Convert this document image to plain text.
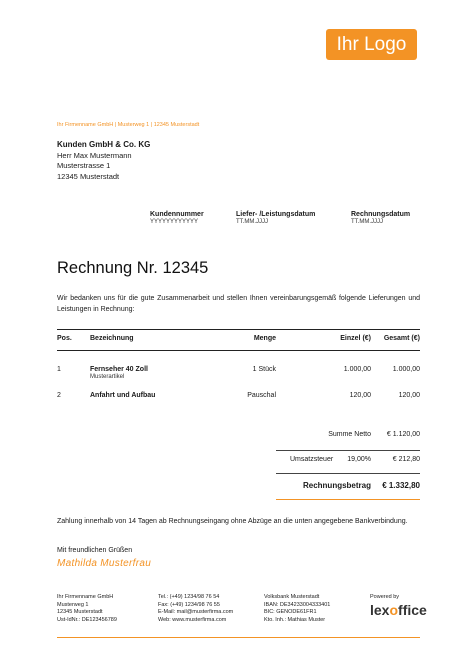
Ihr Logo
Ihr Firmenname GmbH | Musterweg 1 | 12345 Musterstadt
Kunden GmbH & Co. KG
Herr Max Mustermann
Musterstrasse 1
12345 Musterstadt
Kundennummer
YYYYYYYYYYYY
Liefer- /Leistungsdatum
TT.MM.JJJJ
Rechnungsdatum
TT.MM.JJJJ
Rechnung Nr. 12345
Wir bedanken uns für die gute Zusammenarbeit und stellen Ihnen vereinbarungsgemäß folgende Lieferungen und Leistungen in Rechnung:
Pos.	Bezeichnung	Menge	Einzel (€)	Gesamt (€)
1	Fernseher 40 Zoll
Musterartikel
1 Stück	1.000,00	1.000,00
2	Anfahrt und Aufbau	Pauschal	120,00	120,00
Summe Netto	€ 1.120,00
Umsatzsteuer	19,00%	€ 212,80
Rechnungsbetrag	€ 1.332,80
Zahlung innerhalb von 14 Tagen ab Rechnungseingang ohne Abzüge an die unten angegebene Bankverbindung.
Mit freundlichen Grüßen
Mathilda Musterfrau
Ihr Firmenname GmbH
Musterweg 1
12345 Musterstadt
Ust-IdNr.: DE123456789
Tel.: (+49) 1234/98 76 54
Fax: (+49) 1234/98 76 55
E-Mail: mail@musterfirma.com
Web: www.musterfirma.com
Volksbank Musterstadt
IBAN: DE34233004333401
BIC: GENODE61FR1
Kto. Inh.: Mathias Muster
Powered by
lexoffice
